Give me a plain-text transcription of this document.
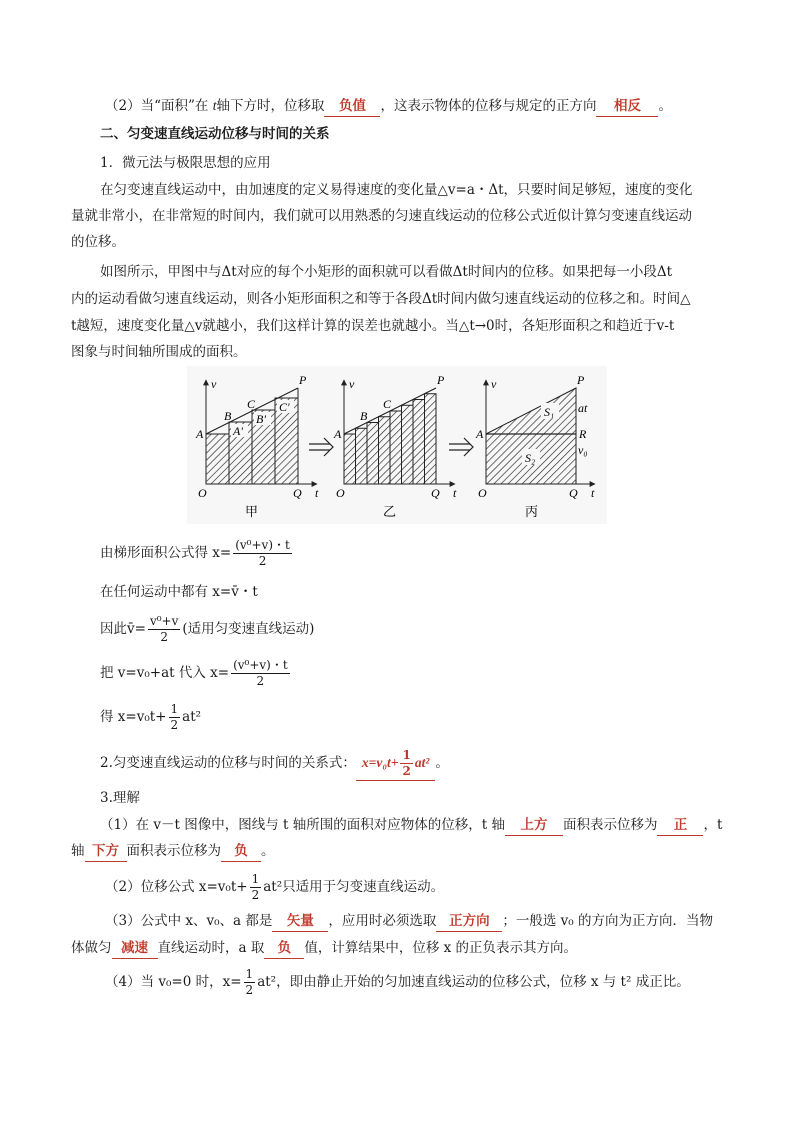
（2）当“面积”在 t轴下方时，位移取 负值 ，这表示物体的位移与规定的正方向 相反 。
二、匀变速直线运动位移与时间的关系
1．微元法与极限思想的应用
在匀变速直线运动中，由加速度的定义易得速度的变化量△v=a・Δt，只要时间足够短，速度的变化
量就非常小，在非常短的时间内，我们就可以用熟悉的匀速直线运动的位移公式近似计算匀变速直线运动
的位移。
如图所示，甲图中与Δt对应的每个小矩形的面积就可以看做Δt时间内的位移。如果把每一小段Δt
内的运动看做匀速直线运动，则各小矩形面积之和等于各段Δt时间内做匀速直线运动的位移之和。时间△
t越短，速度变化量△v就越小，我们这样计算的误差也就越小。当△t→0时，各矩形面积之和趋近于v-t
图象与时间轴所围成的面积。
v
t
O	Q
P
A
B
C
A'
B'
C'
v
t
O	Q
P
A
B
C
v
t
O	Q
P
A	R
at
v₀
S₁
S₂
甲	乙	丙
由梯形面积公式得 $x= \frac{\text{(v⁰+v)・t}}{2}$
在任何运动中都有 x=v̄・t
因此v̄= $\frac{\text{v⁰+v}}{2}$ (适用匀变速直线运动)
把 v=v₀+at 代入 $x= \frac{\text{(v⁰+v)・t}}{2}$
得 $x=v_0t+ \frac{1}{2} at^2$
2.匀变速直线运动的位移与时间的关系式： $x=v_0t+ \frac{1}{2} at^2$ 。
3.理解
（1）在 v－t 图像中，图线与 t 轴所围的面积对应物体的位移，t 轴 上方 面积表示位移为 正 ，t
轴 下方 面积表示位移为 负 。
（2）位移公式 $x=v_0t+ \frac{1}{2} at^2$只适用于匀变速直线运动。
（3）公式中 x、v₀、a 都是 矢量 ，应用时必须选取 正方向 ；一般选 v₀ 的方向为正方向．当物
体做匀 减速 直线运动时，a 取 负 值，计算结果中，位移 x 的正负表示其方向。
（4）当 v₀=0 时，$x= \frac{1}{2} at^2$，即由静止开始的匀加速直线运动的位移公式，位移 x 与 t² 成正比。
